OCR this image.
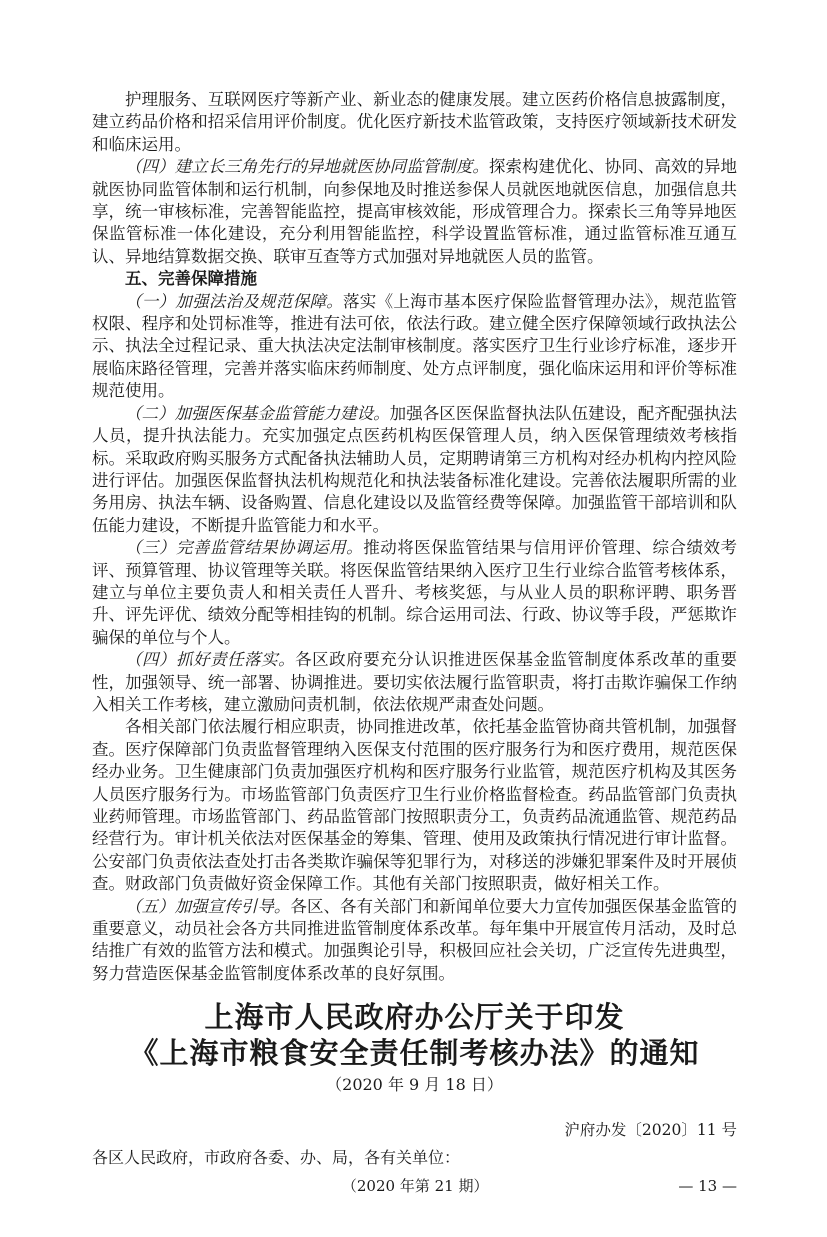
护理服务、互联网医疗等新产业、新业态的健康发展。建立医药价格信息披露制度，建立药品价格和招采信用评价制度。优化医疗新技术监管政策，支持医疗领域新技术研发和临床运用。

（四）建立长三角先行的异地就医协同监管制度。探索构建优化、协同、高效的异地就医协同监管体制和运行机制，向参保地及时推送参保人员就医地就医信息，加强信息共享，统一审核标准，完善智能监控，提高审核效能，形成管理合力。探索长三角等异地医保监管标准一体化建设，充分利用智能监控，科学设置监管标准，通过监管标准互通互认、异地结算数据交换、联审互查等方式加强对异地就医人员的监管。

五、完善保障措施

（一）加强法治及规范保障。落实《上海市基本医疗保险监督管理办法》，规范监管权限、程序和处罚标准等，推进有法可依，依法行政。建立健全医疗保障领域行政执法公示、执法全过程记录、重大执法决定法制审核制度。落实医疗卫生行业诊疗标准，逐步开展临床路径管理，完善并落实临床药师制度、处方点评制度，强化临床运用和评价等标准规范使用。

（二）加强医保基金监管能力建设。加强各区医保监督执法队伍建设，配齐配强执法人员，提升执法能力。充实加强定点医药机构医保管理人员，纳入医保管理绩效考核指标。采取政府购买服务方式配备执法辅助人员，定期聘请第三方机构对经办机构内控风险进行评估。加强医保监督执法机构规范化和执法装备标准化建设。完善依法履职所需的业务用房、执法车辆、设备购置、信息化建设以及监管经费等保障。加强监管干部培训和队伍能力建设，不断提升监管能力和水平。

（三）完善监管结果协调运用。推动将医保监管结果与信用评价管理、综合绩效考评、预算管理、协议管理等关联。将医保监管结果纳入医疗卫生行业综合监管考核体系，建立与单位主要负责人和相关责任人晋升、考核奖惩，与从业人员的职称评聘、职务晋升、评先评优、绩效分配等相挂钩的机制。综合运用司法、行政、协议等手段，严惩欺诈骗保的单位与个人。

（四）抓好责任落实。各区政府要充分认识推进医保基金监管制度体系改革的重要性，加强领导、统一部署、协调推进。要切实依法履行监管职责，将打击欺诈骗保工作纳入相关工作考核，建立激励问责机制，依法依规严肃查处问题。

各相关部门依法履行相应职责，协同推进改革，依托基金监管协商共管机制，加强督查。医疗保障部门负责监督管理纳入医保支付范围的医疗服务行为和医疗费用，规范医保经办业务。卫生健康部门负责加强医疗机构和医疗服务行业监管，规范医疗机构及其医务人员医疗服务行为。市场监管部门负责医疗卫生行业价格监督检查。药品监管部门负责执业药师管理。市场监管部门、药品监管部门按照职责分工，负责药品流通监管、规范药品经营行为。审计机关依法对医保基金的筹集、管理、使用及政策执行情况进行审计监督。公安部门负责依法查处打击各类欺诈骗保等犯罪行为，对移送的涉嫌犯罪案件及时开展侦查。财政部门负责做好资金保障工作。其他有关部门按照职责，做好相关工作。

（五）加强宣传引导。各区、各有关部门和新闻单位要大力宣传加强医保基金监管的重要意义，动员社会各方共同推进监管制度体系改革。每年集中开展宣传月活动，及时总结推广有效的监管方法和模式。加强舆论引导，积极回应社会关切，广泛宣传先进典型，努力营造医保基金监管制度体系改革的良好氛围。

上海市人民政府办公厅关于印发
《上海市粮食安全责任制考核办法》的通知
（2020 年 9 月 18 日）
沪府办发〔2020〕11 号
各区人民政府，市政府各委、办、局，各有关单位：
（2020 年第 21 期）	— 13 —
